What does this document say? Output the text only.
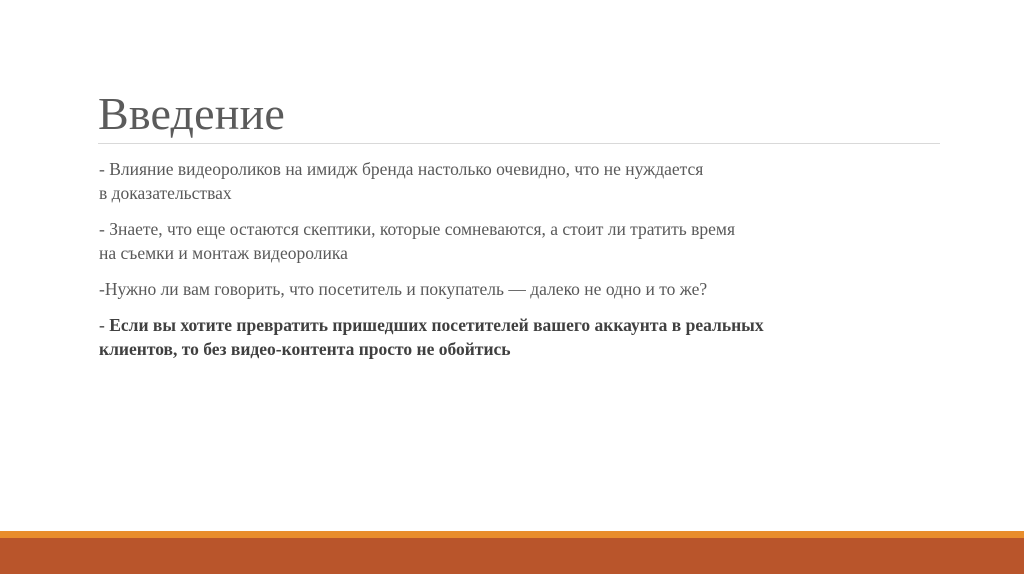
Введение
- Влияние видеороликов на имидж бренда настолько очевидно, что не нуждается
в доказательствах
- Знаете, что еще остаются скептики, которые сомневаются, а стоит ли тратить время
на съемки и монтаж видеоролика
-Нужно ли вам говорить, что посетитель и покупатель — далеко не одно и то же?
- Если вы хотите превратить пришедших посетителей вашего аккаунта в реальных
клиентов, то без видео-контента просто не обойтись
